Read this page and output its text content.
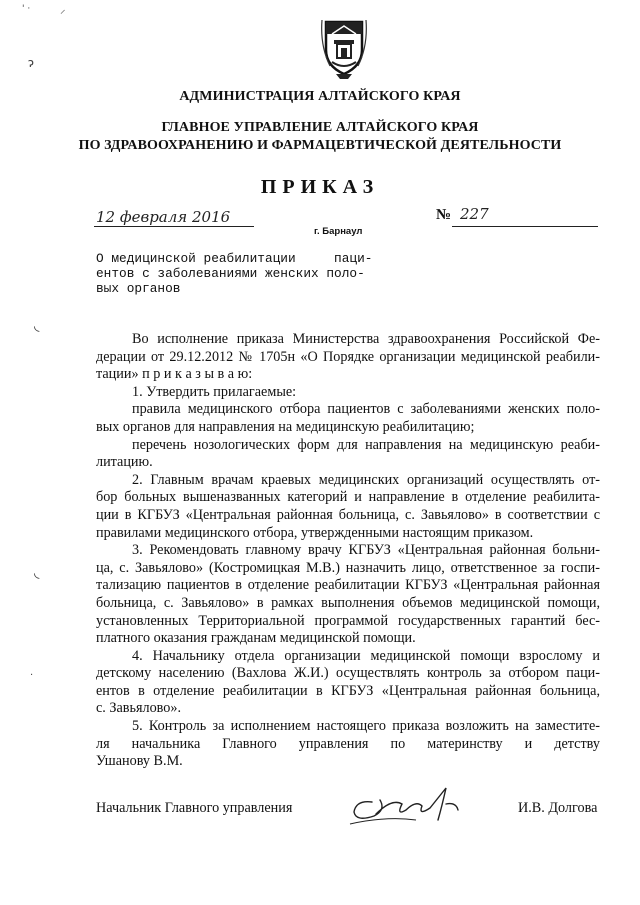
' ·	⸝
ɂ
◟
◟
·
АДМИНИСТРАЦИЯ АЛТАЙСКОГО КРАЯ
ГЛАВНОЕ УПРАВЛЕНИЕ АЛТАЙСКОГО КРАЯ
ПО ЗДРАВООХРАНЕНИЮ И ФАРМАЦЕВТИЧЕСКОЙ ДЕЯТЕЛЬНОСТИ
ПРИКАЗ
12 февраля 2016
г. Барнаул
№ 227
О медицинской реабилитации     паци-
ентов с заболеваниями женских поло-
вых органов

Во исполнение приказа Министерства здравоохранения Российской Фе-

дерации от 29.12.2012 № 1705н «О Порядке организации медицинской реабили-

тации» п р и к а з ы в а ю:

1. Утвердить прилагаемые:

правила медицинского отбора пациентов с заболеваниями женских поло-

вых органов для направления на медицинскую реабилитацию;

перечень нозологических форм для направления на медицинскую реаби-

литацию.

2. Главным врачам краевых медицинских организаций осуществлять от-

бор больных вышеназванных категорий и направление в отделение реабилита-

ции в КГБУЗ «Центральная районная больница, с. Завьялово» в соответствии с

правилами медицинского отбора, утвержденными настоящим приказом.

3. Рекомендовать главному врачу КГБУЗ «Центральная районная больни-

ца, с. Завьялово» (Костромицкая М.В.) назначить лицо, ответственное за госпи-

тализацию пациентов в отделение реабилитации КГБУЗ «Центральная районная

больница, с. Завьялово» в рамках выполнения объемов медицинской помощи,

установленных Территориальной программой государственных гарантий бес-

платного оказания гражданам медицинской помощи.

4. Начальнику отдела организации медицинской помощи взрослому и

детскому населению (Вахлова Ж.И.) осуществлять контроль за отбором паци-

ентов в отделение реабилитации в КГБУЗ «Центральная районная больница,

с. Завьялово».

5. Контроль за исполнением настоящего приказа возложить на заместите-

ля начальника Главного управления по материнству и детству

Ушанову В.М.

Начальник Главного управления	И.В. Долгова
